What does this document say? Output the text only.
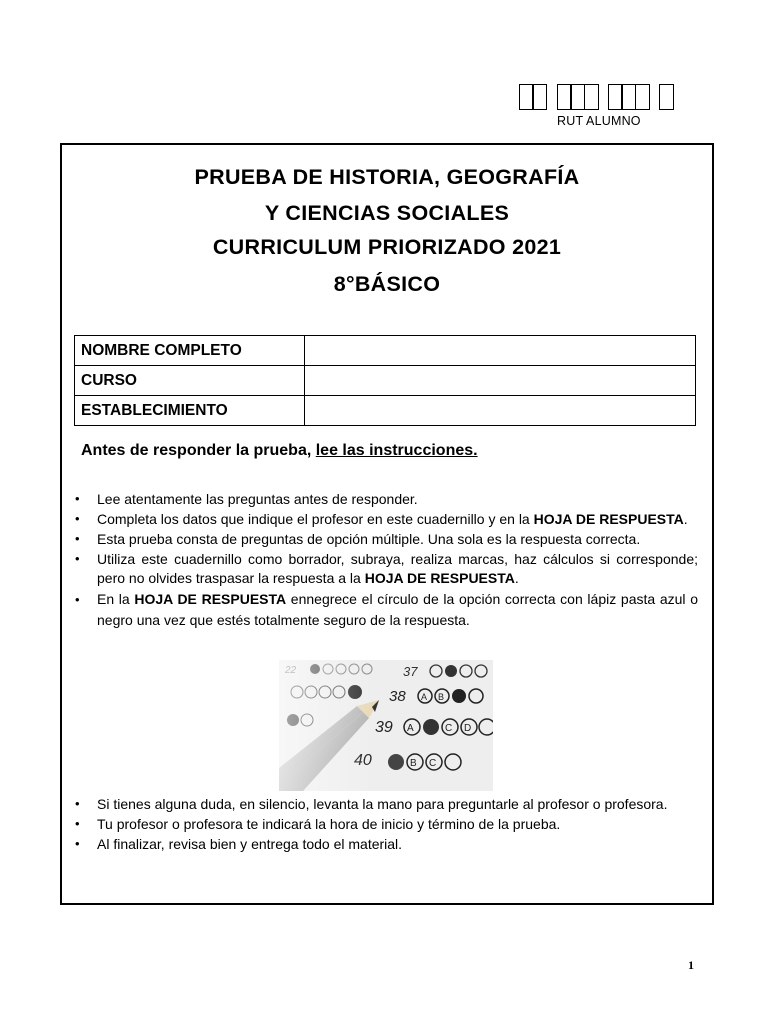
RUT ALUMNO
PRUEBA DE HISTORIA, GEOGRAFÍA
Y CIENCIAS SOCIALES
CURRICULUM PRIORIZADO 2021
8°BÁSICO
NOMBRE COMPLETO	
CURSO	
ESTABLECIMIENTO	
Antes de responder la prueba, lee las instrucciones.
• Lee atentamente las preguntas antes de responder.
• Completa los datos que indique el profesor en este cuadernillo y en la HOJA DE RESPUESTA.
• Esta prueba consta de preguntas de opción múltiple. Una sola es la respuesta correcta.
• Utiliza este cuadernillo como borrador, subraya, realiza marcas, haz cálculos si corresponde; pero no olvides traspasar la respuesta a la HOJA DE RESPUESTA.
• En la HOJA DE RESPUESTA ennegrece el círculo de la opción correcta con lápiz pasta azul o negro una vez que estés totalmente seguro de la respuesta.
• Si tienes alguna duda, en silencio, levanta la mano para preguntarle al profesor o profesora.
• Tu profesor o profesora te indicará la hora de inicio y término de la prueba.
• Al finalizar, revisa bien y entrega todo el material.
1
